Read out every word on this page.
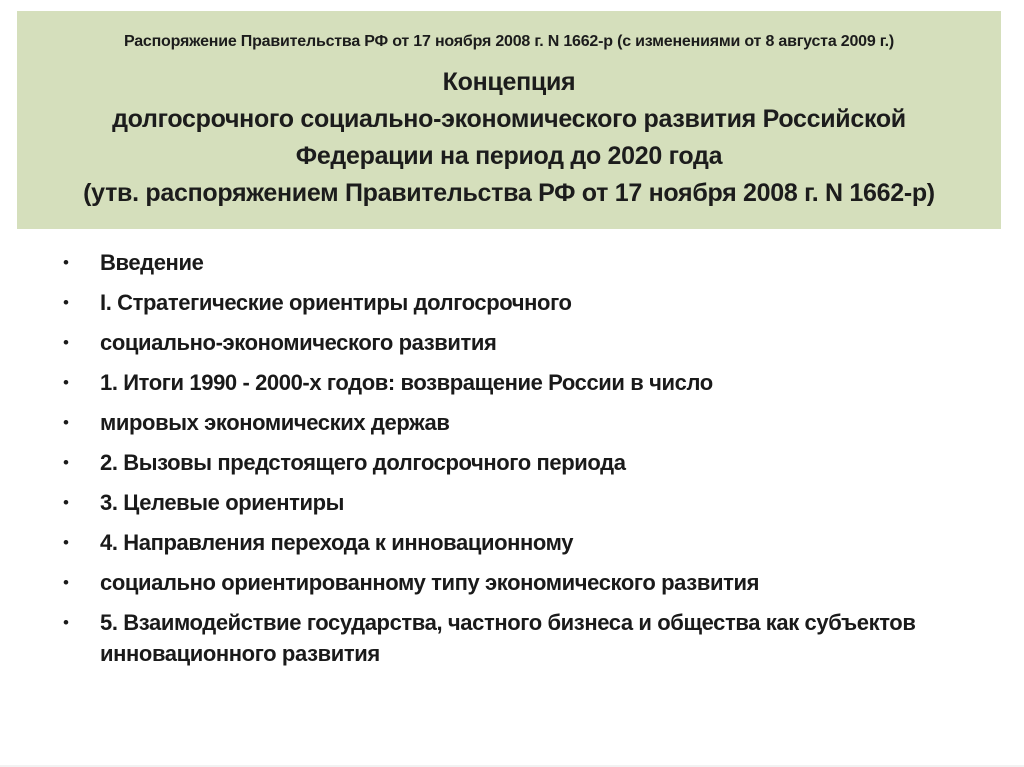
Распоряжение Правительства РФ от 17 ноября 2008 г. N 1662-р (с изменениями от 8 августа 2009 г.)
Концепция
долгосрочного социально-экономического развития Российской Федерации на период до 2020 года
(утв. распоряжением Правительства РФ от 17 ноября 2008 г. N 1662-р)
•	Введение
•	I. Стратегические ориентиры долгосрочного
•	социально-экономического развития
•	1. Итоги 1990 - 2000-х годов: возвращение России в число
•	мировых экономических держав
•	2. Вызовы предстоящего долгосрочного периода
•	3. Целевые ориентиры
•	4. Направления перехода к инновационному
•	социально ориентированному типу экономического развития
•	5. Взаимодействие государства, частного бизнеса и общества как субъектов инновационного развития
